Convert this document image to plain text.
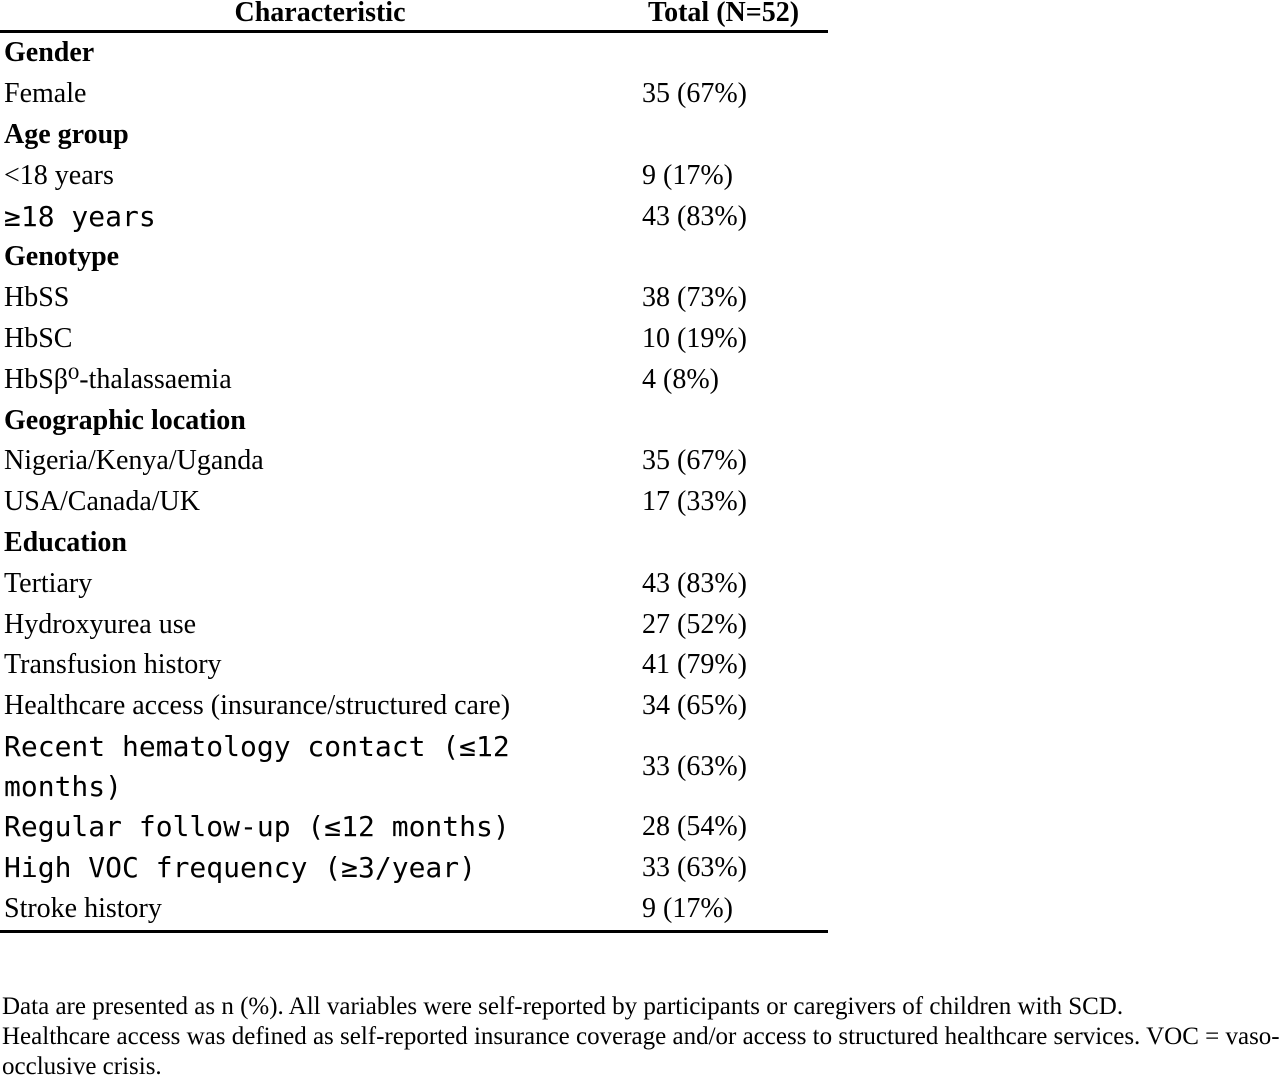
Characteristic	Total (N=52)
Gender	
Female	35 (67%)
Age group	
<18 years	9 (17%)
≥18 years	43 (83%)
Genotype	
HbSS	38 (73%)
HbSC	10 (19%)
HbSβ⁰-thalassaemia	4 (8%)
Geographic location	
Nigeria/Kenya/Uganda	35 (67%)
USA/Canada/UK	17 (33%)
Education	
Tertiary	43 (83%)
Hydroxyurea use	27 (52%)
Transfusion history	41 (79%)
Healthcare access (insurance/structured care)	34 (65%)
Recent hematology contact (≤12 months)	33 (63%)
Regular follow-up (≤12 months)	28 (54%)
High VOC frequency (≥3/year)	33 (63%)
Stroke history	9 (17%)

Data are presented as n (%). All variables were self-reported by participants or caregivers of children with SCD.

Healthcare access was defined as self-reported insurance coverage and/or access to structured healthcare services. VOC = vaso-occlusive crisis.
